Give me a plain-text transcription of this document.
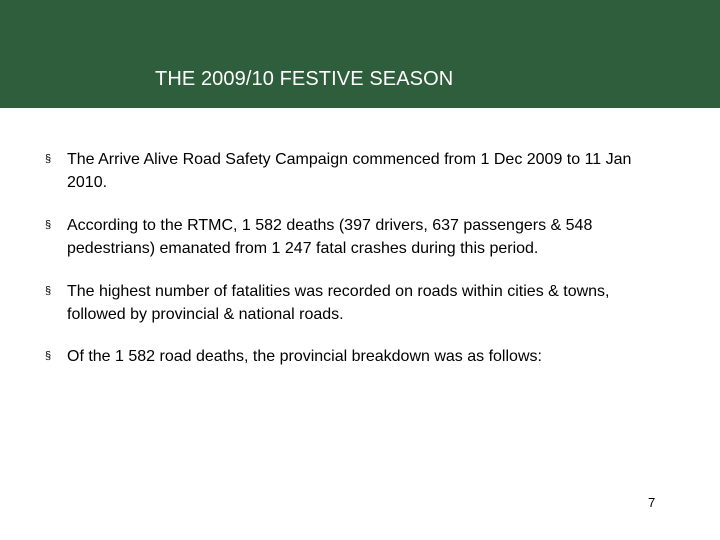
THE 2009/10 FESTIVE SEASON
§ The Arrive Alive Road Safety Campaign commenced from 1 Dec 2009 to 11 Jan 2010.
§ According to the RTMC, 1 582 deaths (397 drivers, 637 passengers & 548 pedestrians) emanated from 1 247 fatal crashes during this period.
§ The highest number of fatalities was recorded on roads within cities & towns, followed by provincial & national roads.
§ Of the 1 582 road deaths, the provincial breakdown was as follows:
7
